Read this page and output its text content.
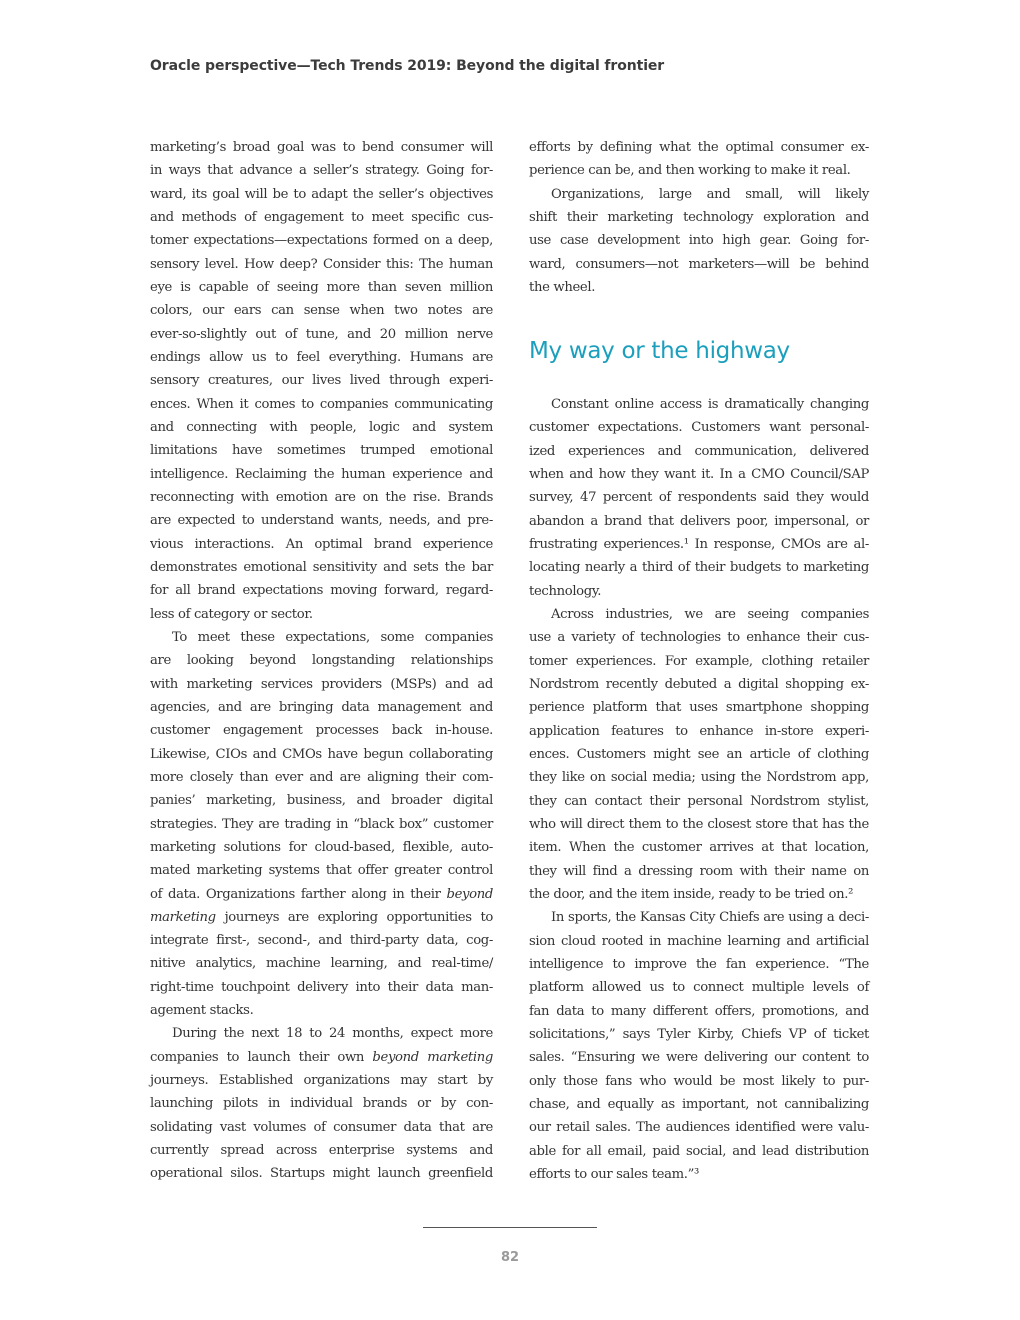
Oracle perspective—Tech Trends 2019: Beyond the digital frontier
marketing’s broad goal was to bend consumer will
in ways that advance a seller’s strategy. Going for-
ward, its goal will be to adapt the seller’s objectives
and methods of engagement to meet specific cus-
tomer expectations—expectations formed on a deep,
sensory level. How deep? Consider this: The human
eye is capable of seeing more than seven million
colors, our ears can sense when two notes are
ever-so-slightly out of tune, and 20 million nerve
endings allow us to feel everything. Humans are
sensory creatures, our lives lived through experi-
ences. When it comes to companies communicating
and connecting with people, logic and system
limitations have sometimes trumped emotional
intelligence. Reclaiming the human experience and
reconnecting with emotion are on the rise. Brands
are expected to understand wants, needs, and pre-
vious interactions. An optimal brand experience
demonstrates emotional sensitivity and sets the bar
for all brand expectations moving forward, regard-
less of category or sector.
To meet these expectations, some companies
are looking beyond longstanding relationships
with marketing services providers (MSPs) and ad
agencies, and are bringing data management and
customer engagement processes back in-house.
Likewise, CIOs and CMOs have begun collaborating
more closely than ever and are aligning their com-
panies’ marketing, business, and broader digital
strategies. They are trading in “black box” customer
marketing solutions for cloud-based, flexible, auto-
mated marketing systems that offer greater control
of data. Organizations farther along in their beyond
marketing journeys are exploring opportunities to
integrate first-, second-, and third-party data, cog-
nitive analytics, machine learning, and real-time/
right-time touchpoint delivery into their data man-
agement stacks.
During the next 18 to 24 months, expect more
companies to launch their own beyond marketing
journeys. Established organizations may start by
launching pilots in individual brands or by con-
solidating vast volumes of consumer data that are
currently spread across enterprise systems and
operational silos. Startups might launch greenfield
efforts by defining what the optimal consumer ex-
perience can be, and then working to make it real.
Organizations, large and small, will likely
shift their marketing technology exploration and
use case development into high gear. Going for-
ward, consumers—not marketers—will be behind
the wheel.
My way or the highway
Constant online access is dramatically changing
customer expectations. Customers want personal-
ized experiences and communication, delivered
when and how they want it. In a CMO Council/SAP
survey, 47 percent of respondents said they would
abandon a brand that delivers poor, impersonal, or
frustrating experiences.¹ In response, CMOs are al-
locating nearly a third of their budgets to marketing
technology.
Across industries, we are seeing companies
use a variety of technologies to enhance their cus-
tomer experiences. For example, clothing retailer
Nordstrom recently debuted a digital shopping ex-
perience platform that uses smartphone shopping
application features to enhance in-store experi-
ences. Customers might see an article of clothing
they like on social media; using the Nordstrom app,
they can contact their personal Nordstrom stylist,
who will direct them to the closest store that has the
item. When the customer arrives at that location,
they will find a dressing room with their name on
the door, and the item inside, ready to be tried on.²
In sports, the Kansas City Chiefs are using a deci-
sion cloud rooted in machine learning and artificial
intelligence to improve the fan experience. “The
platform allowed us to connect multiple levels of
fan data to many different offers, promotions, and
solicitations,” says Tyler Kirby, Chiefs VP of ticket
sales. “Ensuring we were delivering our content to
only those fans who would be most likely to pur-
chase, and equally as important, not cannibalizing
our retail sales. The audiences identified were valu-
able for all email, paid social, and lead distribution
efforts to our sales team.”³
82
